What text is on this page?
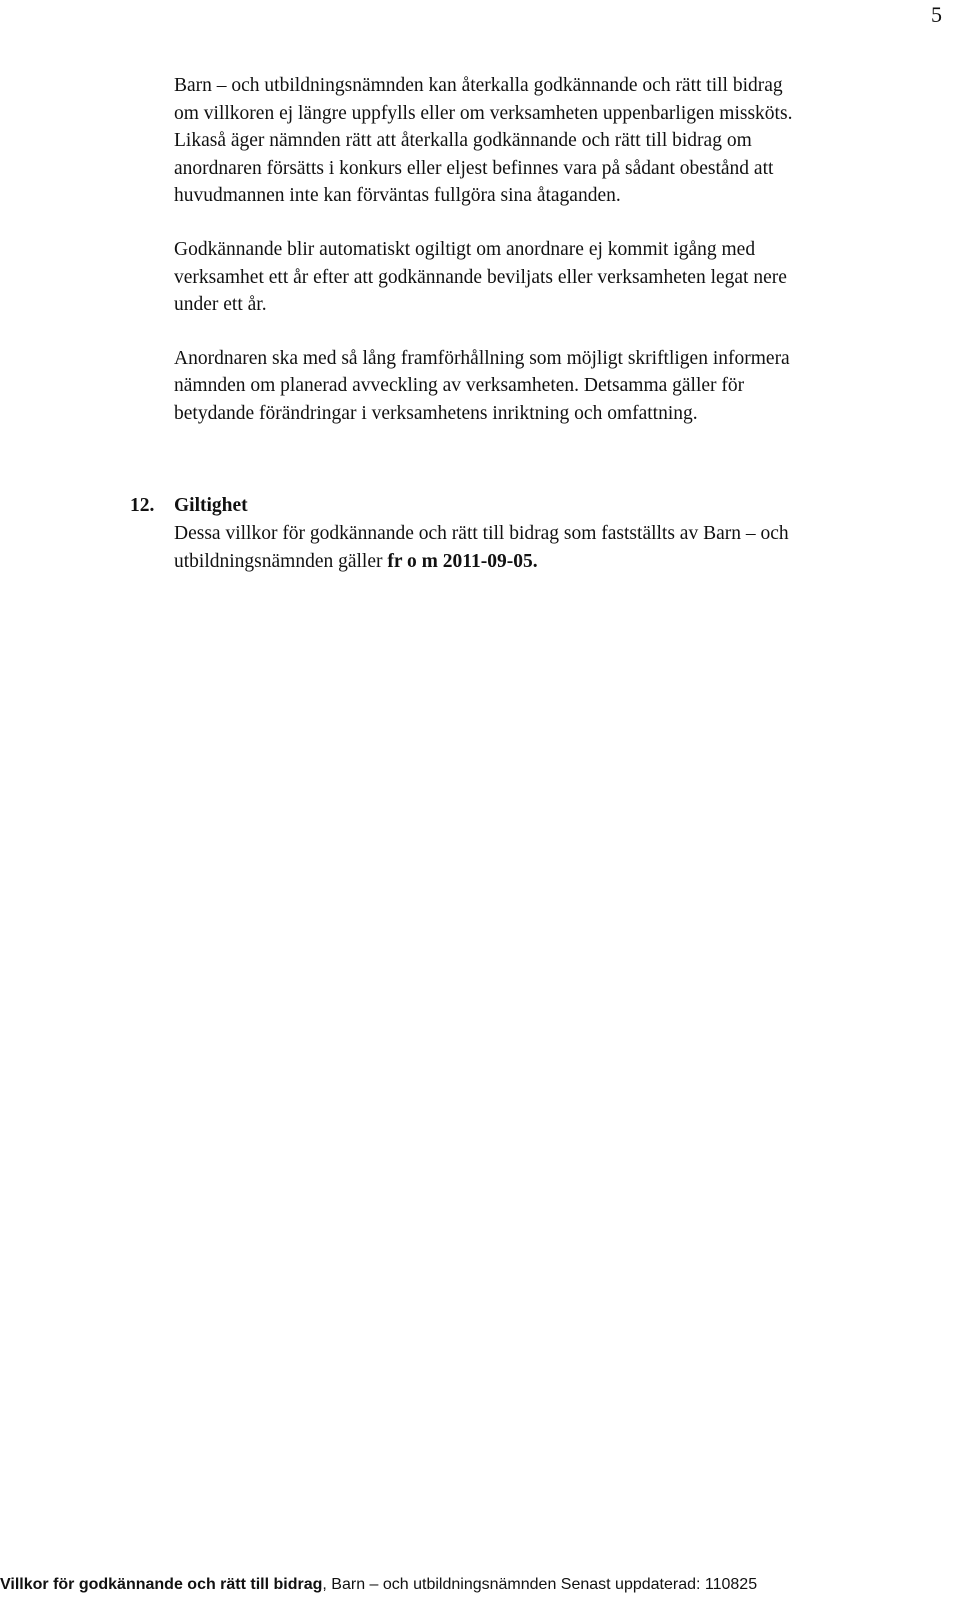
5

Barn – och utbildningsnämnden kan återkalla godkännande och rätt till bidrag
om villkoren ej längre uppfylls eller om verksamheten uppenbarligen missköts.
Likaså äger nämnden rätt att återkalla godkännande och rätt till bidrag om
anordnaren försätts i konkurs eller eljest befinnes vara på sådant obestånd att
huvudmannen inte kan förväntas fullgöra sina åtaganden.

Godkännande blir automatiskt ogiltigt om anordnare ej kommit igång med
verksamhet ett år efter att godkännande beviljats eller verksamheten legat nere
under ett år.

Anordnaren ska med så lång framförhållning som möjligt skriftligen informera
nämnden om planerad avveckling av verksamheten. Detsamma gäller för
betydande förändringar i verksamhetens inriktning och omfattning.

12. Giltighet
Dessa villkor för godkännande och rätt till bidrag som fastställts av Barn – och
utbildningsnämnden gäller fr o m 2011-09-05.
Villkor för godkännande och rätt till bidrag, Barn – och utbildningsnämnden Senast uppdaterad: 110825
